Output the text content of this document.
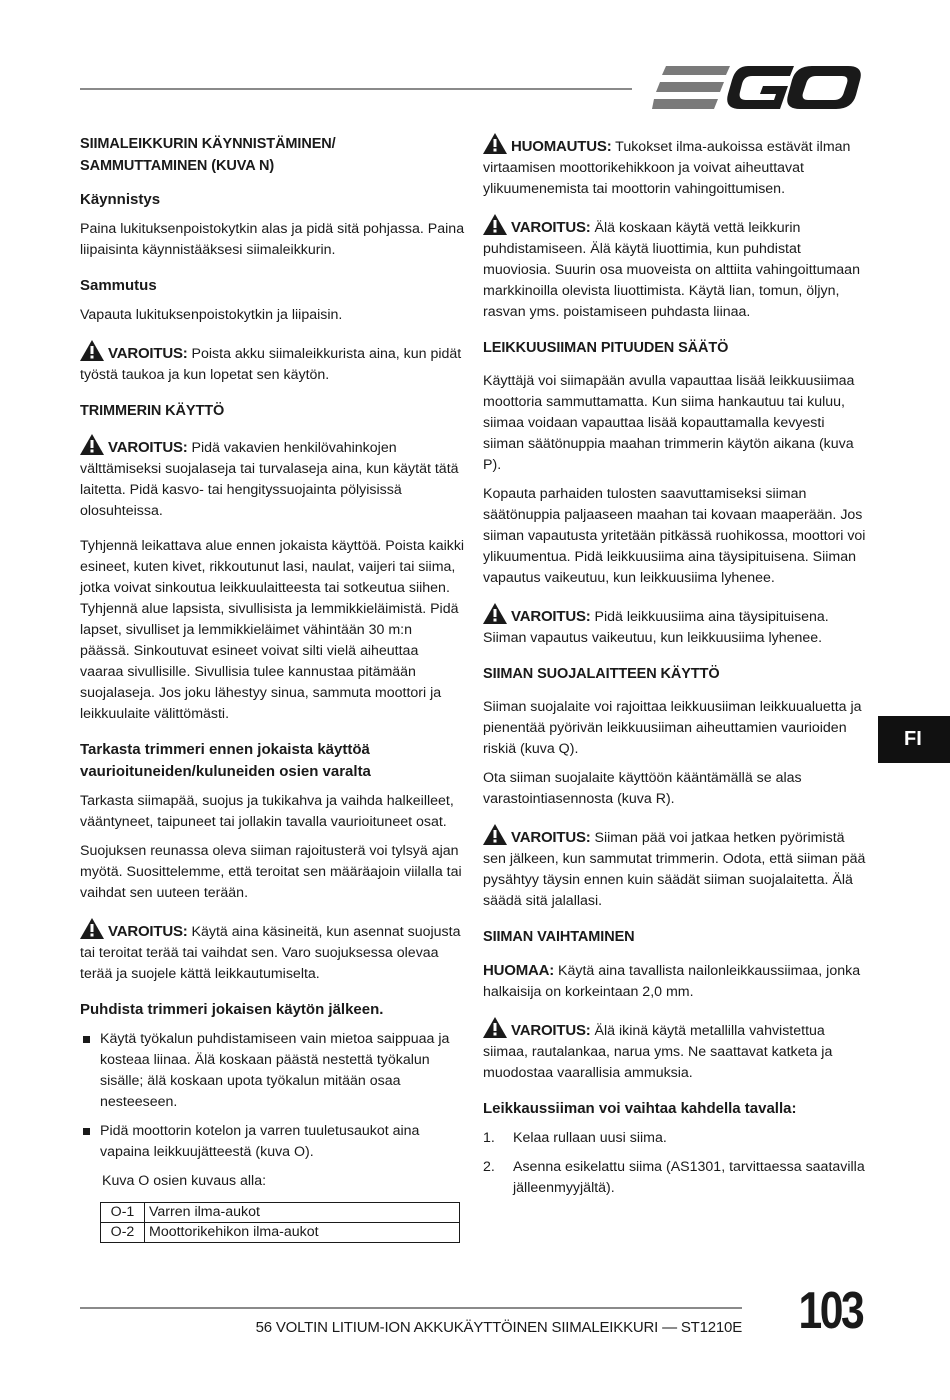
SIIMALEIKKURIN KÄYNNISTÄMINEN/
SAMMUTTAMINEN (KUVA N)
Käynnistys

Paina lukituksenpoistokytkin alas ja pidä sitä pohjassa. Paina liipaisinta käynnistääksesi siimaleikkurin.

Sammutus

Vapauta lukituksenpoistokytkin ja liipaisin.

VAROITUS: Poista akku siimaleikkurista aina, kun pidät työstä taukoa ja kun lopetat sen käytön.

TRIMMERIN KÄYTTÖ

VAROITUS: Pidä vakavien henkilövahinkojen välttämiseksi suojalaseja tai turvalaseja aina, kun käytät tätä laitetta. Pidä kasvo- tai hengityssuojainta pölyisissä olosuhteissa.

Tyhjennä leikattava alue ennen jokaista käyttöä. Poista kaikki esineet, kuten kivet, rikkoutunut lasi, naulat, vaijeri tai siima, jotka voivat sinkoutua leikkuulaitteesta tai sotkeutua siihen. Tyhjennä alue lapsista, sivullisista ja lemmikkieläimistä. Pidä lapset, sivulliset ja lemmikkieläimet vähintään 30 m:n päässä. Sinkoutuvat esineet voivat silti vielä aiheuttaa vaaraa sivullisille. Sivullisia tulee kannustaa pitämään suojalaseja. Jos joku lähestyy sinua, sammuta moottori ja leikkuulaite välittömästi.

Tarkasta trimmeri ennen jokaista käyttöä vaurioituneiden/kuluneiden osien varalta

Tarkasta siimapää, suojus ja tukikahva ja vaihda halkeilleet, vääntyneet, taipuneet tai jollakin tavalla vaurioituneet osat.

Suojuksen reunassa oleva siiman rajoitusterä voi tylsyä ajan myötä. Suosittelemme, että teroitat sen määräajoin viilalla tai vaihdat sen uuteen terään.

VAROITUS: Käytä aina käsineitä, kun asennat suojusta tai teroitat terää tai vaihdat sen. Varo suojuksessa olevaa terää ja suojele kättä leikkautumiselta.

Puhdista trimmeri jokaisen käytön jälkeen.
Käytä työkalun puhdistamiseen vain mietoa saippuaa ja kosteaa liinaa. Älä koskaan päästä nestettä työkalun sisälle; älä koskaan upota työkalun mitään osaa nesteeseen.
Pidä moottorin kotelon ja varren tuuletusaukot aina vapaina leikkuujätteestä (kuva O).

Kuva O osien kuvaus alla:

O-1	Varren ilma-aukot
O-2	Moottorikehikon ilma-aukot

HUOMAUTUS: Tukokset ilma-aukoissa estävät ilman virtaamisen moottorikehikkoon ja voivat aiheuttavat ylikuumenemista tai moottorin vahingoittumisen.

VAROITUS: Älä koskaan käytä vettä leikkurin puhdistamiseen. Älä käytä liuottimia, kun puhdistat muoviosia. Suurin osa muoveista on alttiita vahingoittumaan markkinoilla olevista liuottimista. Käytä lian, tomun, öljyn, rasvan yms. poistamiseen puhdasta liinaa.

LEIKKUUSIIMAN PITUUDEN SÄÄTÖ

Käyttäjä voi siimapään avulla vapauttaa lisää leikkuusiimaa moottoria sammuttamatta. Kun siima hankautuu tai kuluu, siimaa voidaan vapauttaa lisää kopauttamalla kevyesti siiman säätönuppia maahan trimmerin käytön aikana (kuva P).

Kopauta parhaiden tulosten saavuttamiseksi siiman säätönuppia paljaaseen maahan tai kovaan maaperään. Jos siiman vapautusta yritetään pitkässä ruohikossa, moottori voi ylikuumentua. Pidä leikkuusiima aina täysipituisena. Siiman vapautus vaikeutuu, kun leikkuusiima lyhenee.

VAROITUS: Pidä leikkuusiima aina täysipituisena. Siiman vapautus vaikeutuu, kun leikkuusiima lyhenee.

SIIMAN SUOJALAITTEEN KÄYTTÖ

Siiman suojalaite voi rajoittaa leikkuusiiman leikkuualuetta ja pienentää pyörivän leikkuusiiman aiheuttamien vaurioiden riskiä (kuva Q).

Ota siiman suojalaite käyttöön kääntämällä se alas varastointiasennosta (kuva R).

VAROITUS: Siiman pää voi jatkaa hetken pyörimistä sen jälkeen, kun sammutat trimmerin. Odota, että siiman pää pysähtyy täysin ennen kuin säädät siiman suojalaitetta. Älä säädä sitä jalallasi.

SIIMAN VAIHTAMINEN

HUOMAA: Käytä aina tavallista nailonleikkaussiimaa, jonka halkaisija on korkeintaan 2,0 mm.

VAROITUS: Älä ikinä käytä metallilla vahvistettua siimaa, rautalankaa, narua yms. Ne saattavat katketa ja muodostaa vaarallisia ammuksia.

Leikkaussiiman voi vaihtaa kahdella tavalla:
1. Kelaa rullaan uusi siima.
2. Asenna esikelattu siima (AS1301, tarvittaessa saatavilla jälleenmyyjältä).
FI
56 VOLTIN LITIUM-ION AKKUKÄYTTÖINEN SIIMALEIKKURI — ST1210E 103
